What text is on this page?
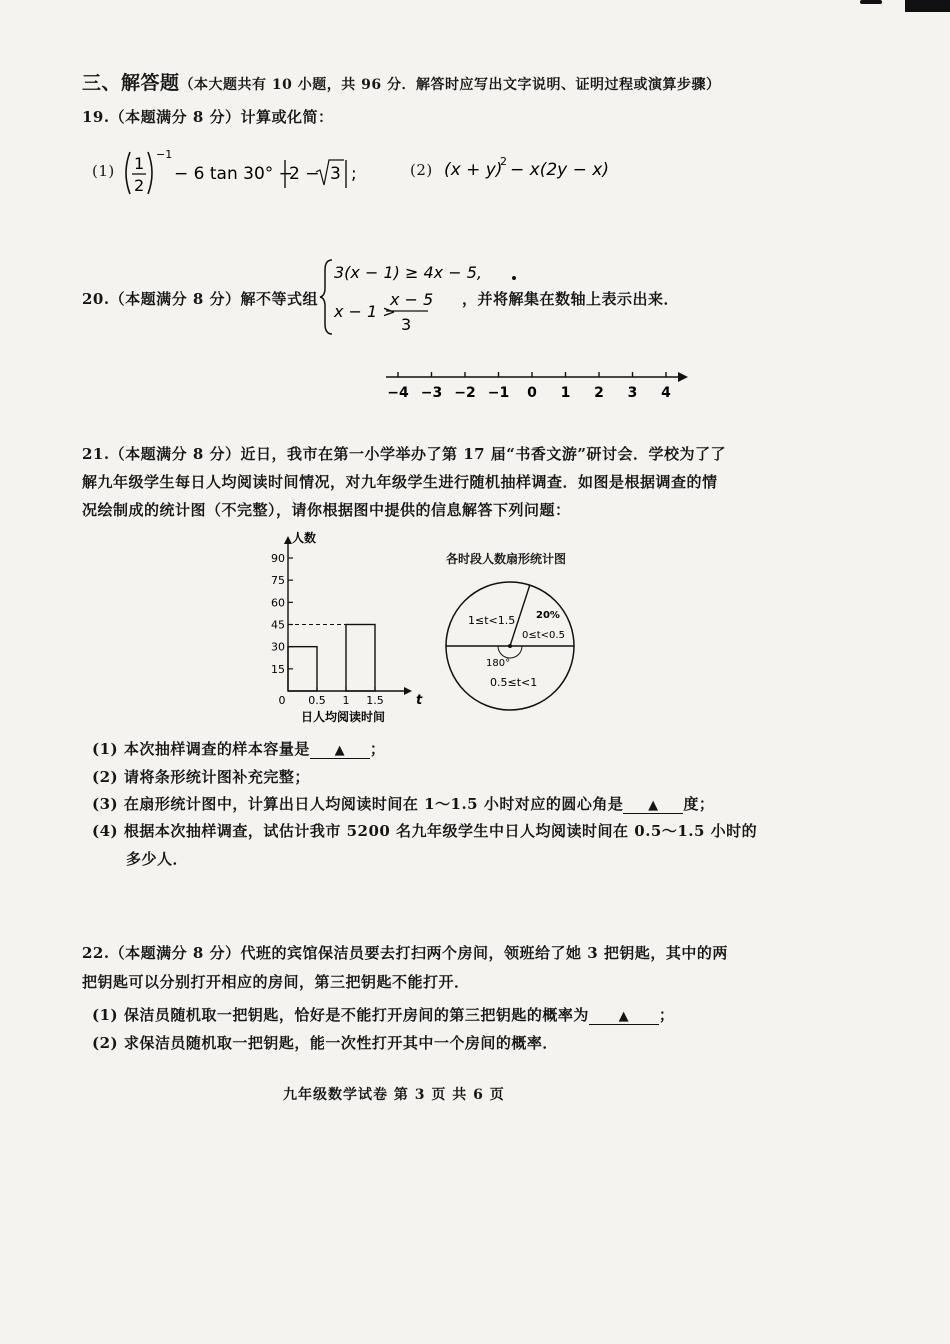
三、解答题（本大题共有 10 小题，共 96 分．解答时应写出文字说明、证明过程或演算步骤）
19.（本题满分 8 分）计算或化简：
(1) 1
2
−1
− 6 tan 30° −
2 − 3 ;	(2) (x + y)
2 − x(2y − x)
20.（本题满分 8 分）解不等式组
3(x − 1) ≥ 4x − 5,
x − 1 >
x − 5
3
，并将解集在数轴上表示出来．
−4 −3 −2 −1 0 1 2 3 4
21.（本题满分 8 分）近日，我市在第一小学举办了第 17 届“书香文游”研讨会．学校为了了
解九年级学生每日人均阅读时间情况，对九年级学生进行随机抽样调查．如图是根据调查的情
况绘制成的统计图（不完整），请你根据图中提供的信息解答下列问题：
人数
15
30
45
60
75
90
0 0.5 1 1.5 t
日人均阅读时间
各时段人数扇形统计图
1≤t<1.5
0≤t<0.5
20%
180°
0.5≤t<1
(1) 本次抽样调查的样本容量是 ▲ ；
(2) 请将条形统计图补充完整；
(3) 在扇形统计图中，计算出日人均阅读时间在 1～1.5 小时对应的圆心角是 ▲ 度；
(4) 根据本次抽样调查，试估计我市 5200 名九年级学生中日人均阅读时间在 0.5～1.5 小时的
多少人．
22.（本题满分 8 分）代班的宾馆保洁员要去打扫两个房间，领班给了她 3 把钥匙，其中的两
把钥匙可以分别打开相应的房间，第三把钥匙不能打开．
(1) 保洁员随机取一把钥匙，恰好是不能打开房间的第三把钥匙的概率为 ▲ ；
(2) 求保洁员随机取一把钥匙，能一次性打开其中一个房间的概率．
九年级数学试卷 第 3 页 共 6 页
